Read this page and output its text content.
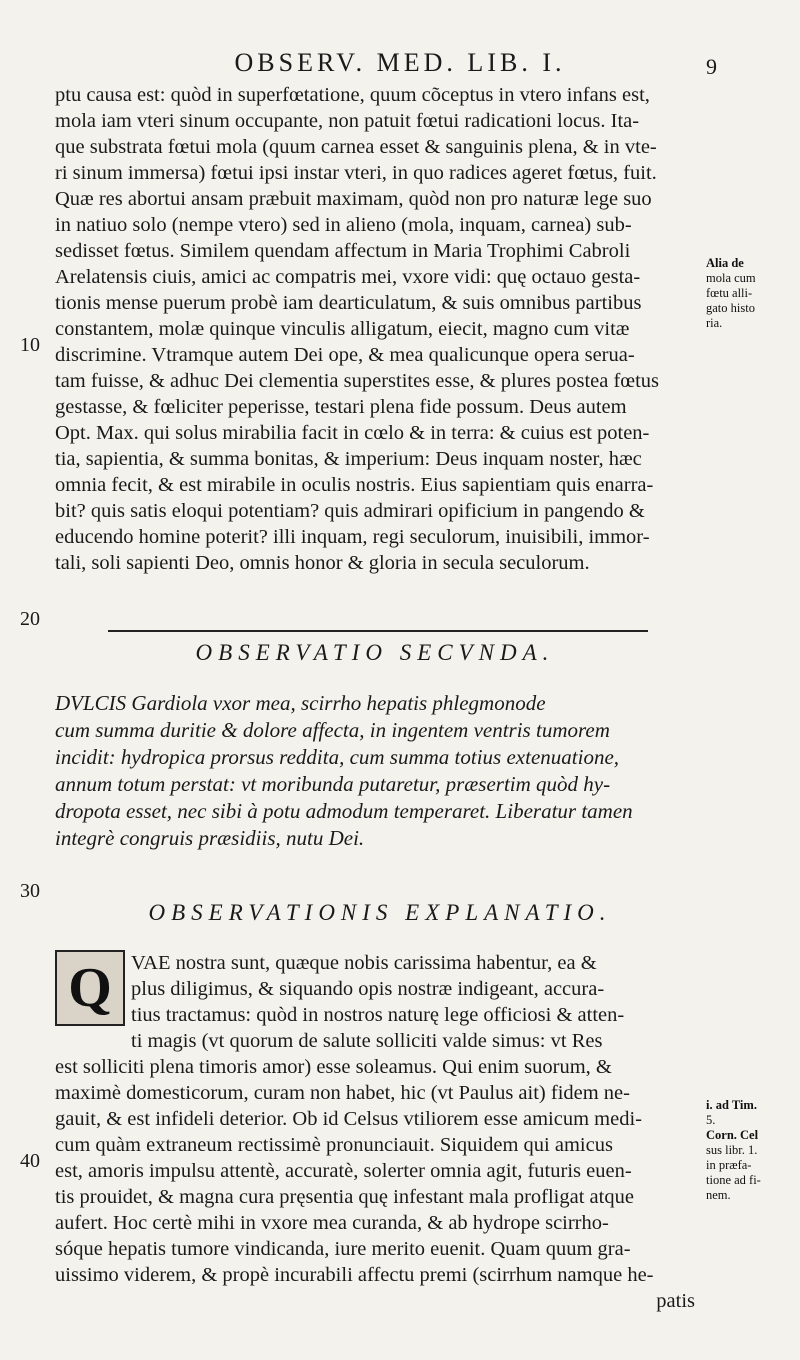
OBSERV. MED. LIB. I.	9
10
20
30
40
ptu causa est: quòd in superfœtatione, quum cõceptus in vtero infans est,
mola iam vteri sinum occupante, non patuit fœtui radicationi locus. Ita-
que substrata fœtui mola (quum carnea esset & sanguinis plena, & in vte-
ri sinum immersa) fœtui ipsi instar vteri, in quo radices ageret fœtus, fuit.
Quæ res abortui ansam præbuit maximam, quòd non pro naturæ lege suo
in natiuo solo (nempe vtero) sed in alieno (mola, inquam, carnea) sub-
sedisset fœtus. Similem quendam affectum in Maria Trophimi Cabroli
Arelatensis ciuis, amici ac compatris mei, vxore vidi: quę octauo gesta-
tionis mense puerum probè iam dearticulatum, & suis omnibus partibus
constantem, molæ quinque vinculis alligatum, eiecit, magno cum vitæ
discrimine. Vtramque autem Dei ope, & mea qualicunque opera serua-
tam fuisse, & adhuc Dei clementia superstites esse, & plures postea fœtus
gestasse, & fœliciter peperisse, testari plena fide possum. Deus autem
Opt. Max. qui solus mirabilia facit in cœlo & in terra: & cuius est poten-
tia, sapientia, & summa bonitas, & imperium: Deus inquam noster, hæc
omnia fecit, & est mirabile in oculis nostris. Eius sapientiam quis enarra-
bit? quis satis eloqui potentiam? quis admirari opificium in pangendo &
educendo homine poterit? illi inquam, regi seculorum, inuisibili, immor-
tali, soli sapienti Deo, omnis honor & gloria in secula seculorum.
Alia de
mola cum
fœtu alli-
gato histo
ria.
OBSERVATIO SECVNDA.
DVLCIS Gardiola vxor mea, scirrho hepatis phlegmonode
cum summa duritie & dolore affecta, in ingentem ventris tumorem
incidit: hydropica prorsus reddita, cum summa totius extenuatione,
annum totum perstat: vt moribunda putaretur, præsertim quòd hy-
dropota esset, nec sibi à potu admodum temperaret. Liberatur tamen
integrè congruis præsidiis, nutu Dei.
OBSERVATIONIS EXPLANATIO.
Q VAE nostra sunt, quæque nobis carissima habentur, ea &
plus diligimus, & siquando opis nostræ indigeant, accura-
tius tractamus: quòd in nostros naturę lege officiosi & atten-
ti magis (vt quorum de salute solliciti valde simus: vt Res
est solliciti plena timoris amor) esse soleamus. Qui enim suorum, &
maximè domesticorum, curam non habet, hic (vt Paulus ait) fidem ne-
gauit, & est infideli deterior. Ob id Celsus vtiliorem esse amicum medi-
cum quàm extraneum rectissimè pronunciauit. Siquidem qui amicus
est, amoris impulsu attentè, accuratè, solerter omnia agit, futuris euen-
tis prouidet, & magna cura pręsentia quę infestant mala profligat atque
aufert. Hoc certè mihi in vxore mea curanda, & ab hydrope scirrho-
sóque hepatis tumore vindicanda, iure merito euenit. Quam quum gra-
uissimo viderem, & propè incurabili affectu premi (scirrhum namque he-
patis
i. ad Tim.
5.
Corn. Cel
sus libr. 1.
in præfa-
tione ad fi-
nem.
